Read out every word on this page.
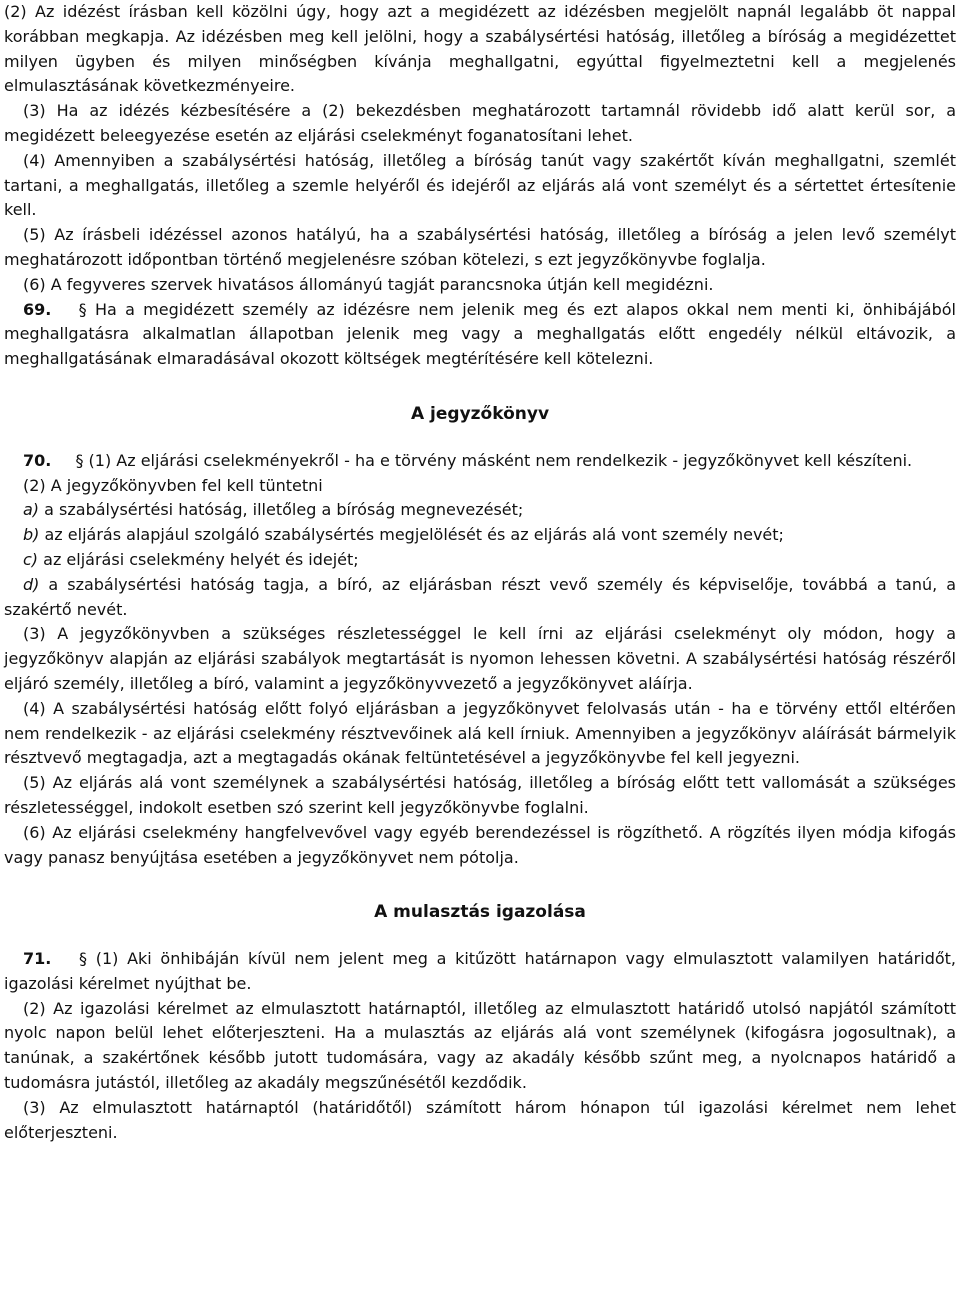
(2) Az idézést írásban kell közölni úgy, hogy azt a megidézett az idézésben megjelölt napnál legalább öt nappal korábban megkapja. Az idézésben meg kell jelölni, hogy a szabálysértési hatóság, illetőleg a bíróság a megidézettet milyen ügyben és milyen minőségben kívánja meghallgatni, egyúttal figyelmeztetni kell a megjelenés elmulasztásának következményeire.

(3) Ha az idézés kézbesítésére a (2) bekezdésben meghatározott tartamnál rövidebb idő alatt kerül sor, a megidézett beleegyezése esetén az eljárási cselekményt foganatosítani lehet.

(4) Amennyiben a szabálysértési hatóság, illetőleg a bíróság tanút vagy szakértőt kíván meghallgatni, szemlét tartani, a meghallgatás, illetőleg a szemle helyéről és idejéről az eljárás alá vont személyt és a sértettet értesítenie kell.

(5) Az írásbeli idézéssel azonos hatályú, ha a szabálysértési hatóság, illetőleg a bíróság a jelen levő személyt meghatározott időpontban történő megjelenésre szóban kötelezi, s ezt jegyzőkönyvbe foglalja.

(6) A fegyveres szervek hivatásos állományú tagját parancsnoka útján kell megidézni.

69. § Ha a megidézett személy az idézésre nem jelenik meg és ezt alapos okkal nem menti ki, önhibájából meghallgatásra alkalmatlan állapotban jelenik meg vagy a meghallgatás előtt engedély nélkül eltávozik, a meghallgatásának elmaradásával okozott költségek megtérítésére kell kötelezni.

A jegyzőkönyv

70. § (1) Az eljárási cselekményekről - ha e törvény másként nem rendelkezik - jegyzőkönyvet kell készíteni.

(2) A jegyzőkönyvben fel kell tüntetni

a) a szabálysértési hatóság, illetőleg a bíróság megnevezését;

b) az eljárás alapjául szolgáló szabálysértés megjelölését és az eljárás alá vont személy nevét;

c) az eljárási cselekmény helyét és idejét;

d) a szabálysértési hatóság tagja, a bíró, az eljárásban részt vevő személy és képviselője, továbbá a tanú, a szakértő nevét.

(3) A jegyzőkönyvben a szükséges részletességgel le kell írni az eljárási cselekményt oly módon, hogy a jegyzőkönyv alapján az eljárási szabályok megtartását is nyomon lehessen követni. A szabálysértési hatóság részéről eljáró személy, illetőleg a bíró, valamint a jegyzőkönyvvezető a jegyzőkönyvet aláírja.

(4) A szabálysértési hatóság előtt folyó eljárásban a jegyzőkönyvet felolvasás után - ha e törvény ettől eltérően nem rendelkezik - az eljárási cselekmény résztvevőinek alá kell írniuk. Amennyiben a jegyzőkönyv aláírását bármelyik résztvevő megtagadja, azt a megtagadás okának feltüntetésével a jegyzőkönyvbe fel kell jegyezni.

(5) Az eljárás alá vont személynek a szabálysértési hatóság, illetőleg a bíróság előtt tett vallomását a szükséges részletességgel, indokolt esetben szó szerint kell jegyzőkönyvbe foglalni.

(6) Az eljárási cselekmény hangfelvevővel vagy egyéb berendezéssel is rögzíthető. A rögzítés ilyen módja kifogás vagy panasz benyújtása esetében a jegyzőkönyvet nem pótolja.

A mulasztás igazolása

71. § (1) Aki önhibáján kívül nem jelent meg a kitűzött határnapon vagy elmulasztott valamilyen határidőt, igazolási kérelmet nyújthat be.

(2) Az igazolási kérelmet az elmulasztott határnaptól, illetőleg az elmulasztott határidő utolsó napjától számított nyolc napon belül lehet előterjeszteni. Ha a mulasztás az eljárás alá vont személynek (kifogásra jogosultnak), a tanúnak, a szakértőnek később jutott tudomására, vagy az akadály később szűnt meg, a nyolcnapos határidő a tudomásra jutástól, illetőleg az akadály megszűnésétől kezdődik.

(3) Az elmulasztott határnaptól (határidőtől) számított három hónapon túl igazolási kérelmet nem lehet előterjeszteni.
